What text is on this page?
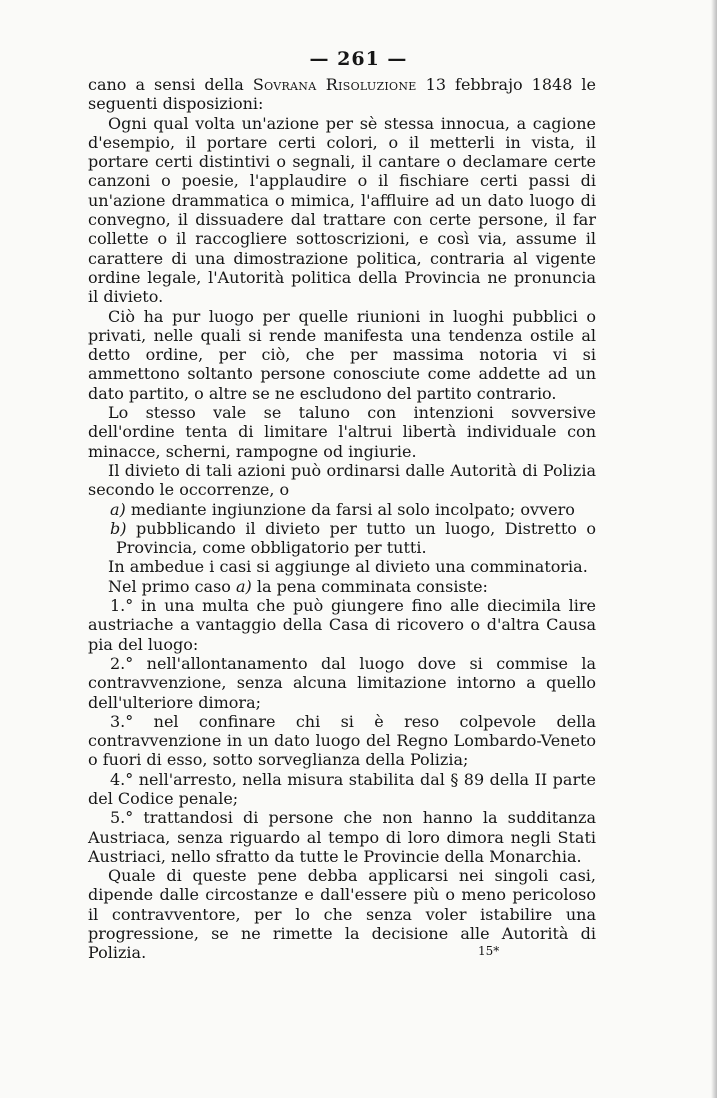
— 261 —

cano a sensi della Sovrana Risoluzione 13 febbrajo 1848 le seguenti disposizioni:

Ogni qual volta un'azione per sè stessa innocua, a cagione d'esempio, il portare certi colori, o il metterli in vista, il portare certi distintivi o segnali, il cantare o declamare certe canzoni o poesie, l'applaudire o il fischiare certi passi di un'azione drammatica o mimica, l'affluire ad un dato luogo di convegno, il dissuadere dal trattare con certe persone, il far collette o il raccogliere sottoscrizioni, e così via, assume il carattere di una dimostrazione politica, contraria al vigente ordine legale, l'Autorità politica della Provincia ne pronuncia il divieto.

Ciò ha pur luogo per quelle riunioni in luoghi pubblici o privati, nelle quali si rende manifesta una tendenza ostile al detto ordine, per ciò, che per massima notoria vi si ammettono soltanto persone conosciute come addette ad un dato partito, o altre se ne escludono del partito contrario.

Lo stesso vale se taluno con intenzioni sovversive dell'ordine tenta di limitare l'altrui libertà individuale con minacce, scherni, rampogne od ingiurie.

Il divieto di tali azioni può ordinarsi dalle Autorità di Polizia secondo le occorrenze, o

a) mediante ingiunzione da farsi al solo incolpato; ovvero

b) pubblicando il divieto per tutto un luogo, Distretto o Provincia, come obbligatorio per tutti.

In ambedue i casi si aggiunge al divieto una comminatoria.

Nel primo caso a) la pena comminata consiste:

1.° in una multa che può giungere fino alle diecimila lire austriache a vantaggio della Casa di ricovero o d'altra Causa pia del luogo:

2.° nell'allontanamento dal luogo dove si commise la contravvenzione, senza alcuna limitazione intorno a quello dell'ulteriore dimora;

3.° nel confinare chi si è reso colpevole della contravvenzione in un dato luogo del Regno Lombardo-Veneto o fuori di esso, sotto sorveglianza della Polizia;

4.° nell'arresto, nella misura stabilita dal § 89 della II parte del Codice penale;

5.° trattandosi di persone che non hanno la sudditanza Austriaca, senza riguardo al tempo di loro dimora negli Stati Austriaci, nello sfratto da tutte le Provincie della Monarchia.

Quale di queste pene debba applicarsi nei singoli casi, dipende dalle circostanze e dall'essere più o meno pericoloso il contravventore, per lo che senza voler istabilire una progressione, se ne rimette la decisione alle Autorità di Polizia.	15*
